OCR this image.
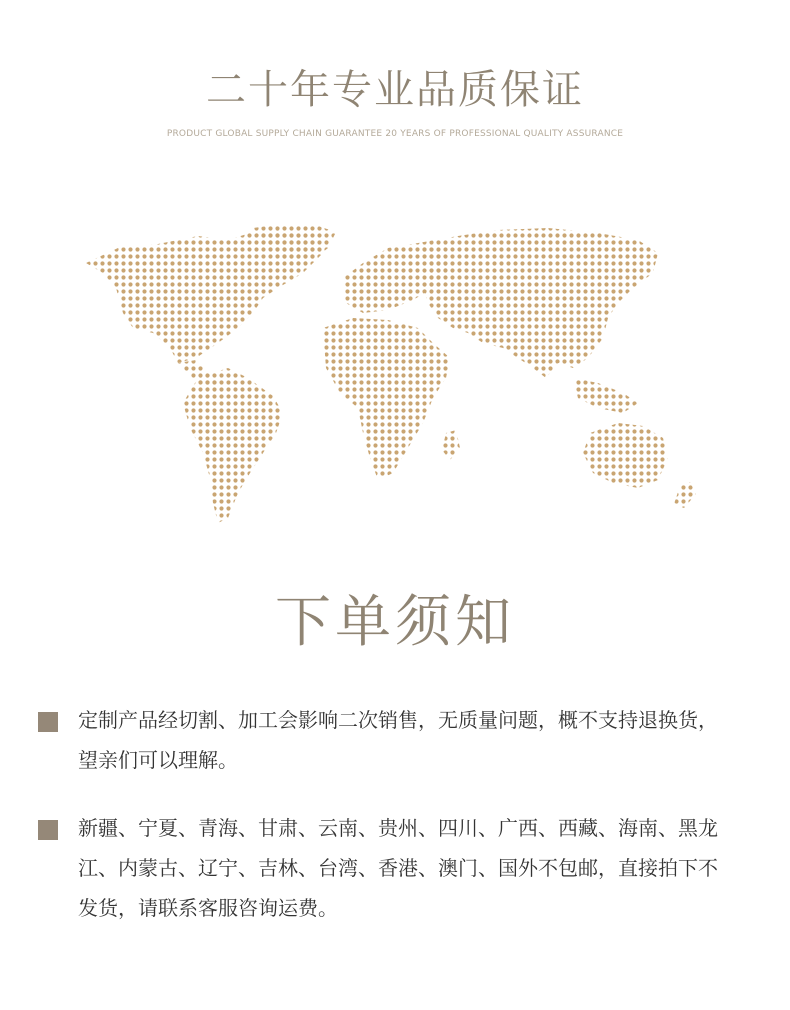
二十年专业品质保证
PRODUCT GLOBAL SUPPLY CHAIN GUARANTEE 20 YEARS OF PROFESSIONAL QUALITY ASSURANCE
下单须知
定制产品经切割、加工会影响二次销售，无质量问题，概不支持退换货，望亲们可以理解。
新疆、宁夏、青海、甘肃、云南、贵州、四川、广西、西藏、海南、黑龙江、内蒙古、辽宁、吉林、台湾、香港、澳门、国外不包邮，直接拍下不发货，请联系客服咨询运费。
